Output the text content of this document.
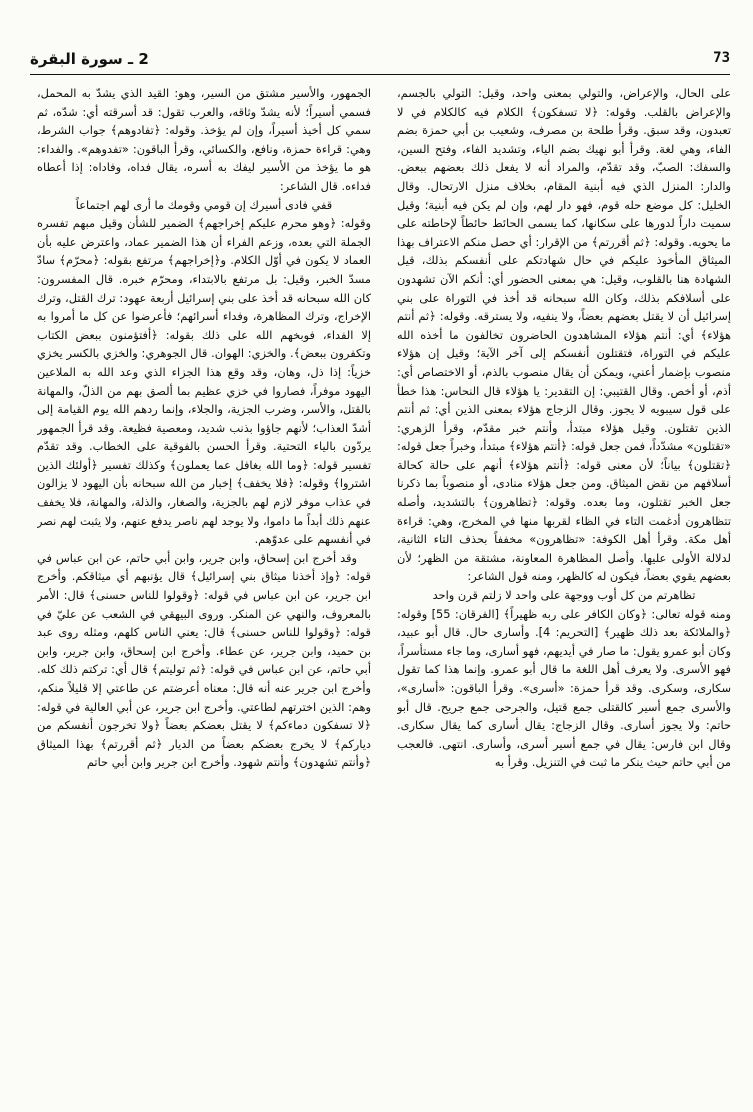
2 ـ سورة البقرة	73

على الحال، والإعراض، والتولي بمعنى واحد، وقيل: التولي بالجسم، والإعراض بالقلب. وقوله: ﴿لا تسفكون﴾ الكلام فيه كالكلام في لا تعبدون، وقد سبق. وقرأ طلحة بن مصرف، وشعيب بن أبي حمزة بضم الفاء، وهي لغة. وقرأ أبو نهيك بضم الياء، وتشديد الفاء، وفتح السين، والسفك: الصبّ، وقد تقدّم، والمراد أنه لا يفعل ذلك بعضهم ببعض. والدار: المنزل الذي فيه أبنية المقام، بخلاف منزل الارتحال. وقال الخليل: كل موضع حله قوم، فهو دار لهم، وإن لم يكن فيه أبنية؛ وقيل سميت داراً لدورها على سكانها، كما يسمى الحائط حائطاً لإحاطته على ما يحويه. وقوله: ﴿ثم أقررتم﴾ من الإقرار: أي حصل منكم الاعتراف بهذا الميثاق المأخوذ عليكم في حال شهادتكم على أنفسكم بذلك، قيل الشهادة هنا بالقلوب، وقيل: هي بمعنى الحضور أي: أنكم الآن تشهدون على أسلافكم بذلك، وكان الله سبحانه قد أخذ في التوراة على بني إسرائيل أن لا يقتل بعضهم بعضاً، ولا ينفيه، ولا يسترقه. وقوله: ﴿ثم أنتم هؤلاء﴾ أي: أنتم هؤلاء المشاهدون الحاضرون تخالفون ما أخذه الله عليكم في التوراة، فتقتلون أنفسكم إلى آخر الآية؛ وقيل إن هؤلاء منصوب بإضمار أعني، ويمكن أن يقال منصوب بالذم، أو الاختصاص أي: أذم، أو أخص. وقال القتيبي: إن التقدير: يا هؤلاء قال النحاس: هذا خطأ على قول سيبويه لا يجوز. وقال الزجاج هؤلاء بمعنى الذين أي: ثم أنتم الذين تقتلون. وقيل هؤلاء مبتدأ، وأنتم خبر مقدّم، وقرأ الزهري: «تقتلون» مشدّداً، فمن جعل قوله: ﴿أنتم هؤلاء﴾ مبتدأ، وخبراً جعل قوله: ﴿تقتلون﴾ بياناً؛ لأن معنى قوله: ﴿أنتم هؤلاء﴾ أنهم على حالة كحالة أسلافهم من نقض الميثاق. ومن جعل هؤلاء منادى، أو منصوباً بما ذكرنا جعل الخبر تقتلون، وما بعده. وقوله: ﴿تظاهرون﴾ بالتشديد، وأصله تتظاهرون أدغمت التاء في الظاء لقربها منها في المخرج، وهي: قراءة أهل مكة. وقرأ أهل الكوفة: «تظاهرون» مخففاً بحذف التاء الثانية، لدلالة الأولى عليها. وأصل المظاهرة المعاونة، مشتقة من الظهر؛ لأن بعضهم يقوي بعضاً، فيكون له كالظهر، ومنه قول الشاعر:

تظاهرتم من كل أوب ووجهة على واحد لا زلتم قرن واحد

ومنه قوله تعالى: ﴿وكان الكافر على ربه ظهيراً﴾ [الفرقان: 55] وقوله: ﴿والملائكة بعد ذلك ظهير﴾ [التحريم: 4]. وأسارى حال. قال أبو عبيد، وكان أبو عمرو يقول: ما صار في أيديهم، فهو أسارى، وما جاء مستأسراً، فهو الأسرى. ولا يعرف أهل اللغة ما قال أبو عمرو. وإنما هذا كما تقول سكارى، وسكرى. وقد قرأ حمزة: «أسرى». وقرأ الباقون: «أسارى»، والأسرى جمع أسير كالقتلى جمع قتيل، والجرحى جمع جريح. قال أبو حاتم: ولا يجوز أسارى. وقال الزجاج: يقال أسارى كما يقال سكارى. وقال ابن فارس: يقال في جمع أسير أسرى، وأسارى. انتهى. فالعجب من أبي حاتم حيث ينكر ما ثبت في التنزيل. وقرأ به

الجمهور، والأسير مشتق من السير، وهو: القيد الذي يشدّ به المحمل، فسمي أسيراً؛ لأنه يشدّ وثاقه، والعرب تقول: قد أسرقته أي: شدّه، ثم سمي كل أخيذ أسيراً، وإن لم يؤخذ. وقوله: ﴿تفادوهم﴾ جواب الشرط، وهي: قراءة حمزة، ونافع، والكسائي، وقرأ الباقون: «تفدوهم». والفداء: هو ما يؤخذ من الأسير ليفك به أسره، يقال فداه، وفاداه: إذا أعطاه فداءه. قال الشاعر:

قفي فادى أسيرك إن قومي وقومك ما أرى لهم اجتماعاً

وقوله: ﴿وهو محرم عليكم إخراجهم﴾ الضمير للشأن وقيل مبهم تفسره الجملة التي بعده، وزعم الفراء أن هذا الضمير عماد، واعترض عليه بأن العماد لا يكون في أوّل الكلام. و﴿إخراجهم﴾ مرتفع بقوله: ﴿محرّم﴾ سادّ مسدّ الخبر، وقيل: بل مرتفع بالابتداء، ومحرّم خبره. قال المفسرون: كان الله سبحانه قد أخذ على بني إسرائيل أربعة عهود: ترك القتل، وترك الإخراج، وترك المظاهرة، وفداء أسرائهم؛ فأعرضوا عن كل ما أمروا به إلا الفداء، فوبخهم الله على ذلك بقوله: ﴿أفتؤمنون ببعض الكتاب وتكفرون ببعض﴾. والخزي: الهوان. قال الجوهري: والخزي بالكسر يخزي خزياً: إذا ذل، وهان، وقد وقع هذا الجزاء الذي وعد الله به الملاعين اليهود موفراً، فصاروا في خزي عظيم بما ألصق بهم من الذلّ، والمهانة بالقتل، والأسر، وضرب الجزية، والجلاء، وإنما ردهم الله يوم القيامة إلى أشدّ العذاب؛ لأنهم جاؤوا بذنب شديد، ومعصية فظيعة. وقد قرأ الجمهور يردّون بالياء التحتية. وقرأ الحسن بالفوقية على الخطاب. وقد تقدّم تفسير قوله: ﴿وما الله بغافل عما يعملون﴾ وكذلك تفسير ﴿أولئك الذين اشتروا﴾ وقوله: ﴿فلا يخفف﴾ إخبار من الله سبحانه بأن اليهود لا يزالون في عذاب موفر لازم لهم بالجزية، والصغار، والذلة، والمهانة، فلا يخفف عنهم ذلك أبداً ما داموا، ولا يوجد لهم ناصر يدفع عنهم، ولا يثبت لهم نصر في أنفسهم على عدوّهم.

وقد أخرج ابن إسحاق، وابن جرير، وابن أبي حاتم، عن ابن عباس في قوله: ﴿وإذ أخذنا ميثاق بني إسرائيل﴾ قال يؤنبهم أي ميثاقكم. وأخرج ابن جرير، عن ابن عباس في قوله: ﴿وقولوا للناس حسنى﴾ قال: الأمر بالمعروف، والنهي عن المنكر. وروى البيهقي في الشعب عن عليّ في قوله: ﴿وقولوا للناس حسنى﴾ قال: يعني الناس كلهم، ومثله روى عبد بن حميد، وابن جرير، عن عطاء. وأخرج ابن إسحاق، وابن جرير، وابن أبي حاتم، عن ابن عباس في قوله: ﴿ثم توليتم﴾ قال أي: تركتم ذلك كله. وأخرج ابن جرير عنه أنه قال: معناه أعرضتم عن طاعتي إلا قليلاً منكم، وهم: الذين اخترتهم لطاعتي. وأخرج ابن جرير، عن أبي العالية في قوله: ﴿لا تسفكون دماءكم﴾ لا يقتل بعضكم بعضاً ﴿ولا تخرجون أنفسكم من دياركم﴾ لا يخرج بعضكم بعضاً من الديار ﴿ثم أقررتم﴾ بهذا الميثاق ﴿وأنتم تشهدون﴾ وأنتم شهود. وأخرج ابن جرير وابن أبي حاتم
